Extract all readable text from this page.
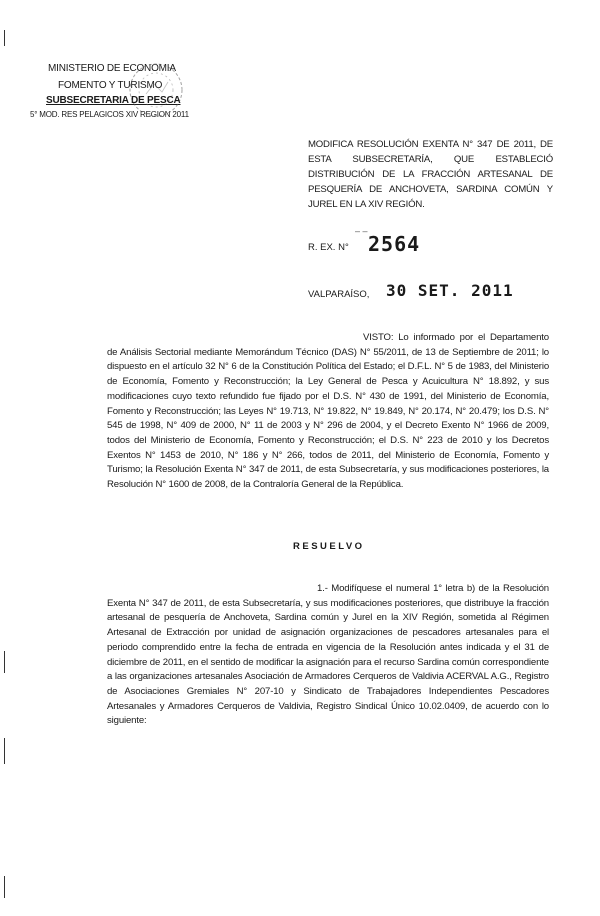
MINISTERIO DE ECONOMIA
FOMENTO Y TURISMO
SUBSECRETARIA DE PESCA
5° MOD. RES PELAGICOS XIV REGION 2011
MODIFICA RESOLUCIÓN EXENTA N° 347 DE 2011, DE ESTA SUBSECRETARÍA, QUE ESTABLECIÓ DISTRIBUCIÓN DE LA FRACCIÓN ARTESANAL DE PESQUERÍA DE ANCHOVETA, SARDINA COMÚN Y JUREL EN LA XIV REGIÓN.
– –
R. EX. N° 2564
VALPARAÍSO, 30 SET. 2011
VISTO: Lo informado por el Departamento de Análisis Sectorial mediante Memorándum Técnico (DAS) N° 55/2011, de 13 de Septiembre de 2011; lo dispuesto en el artículo 32 N° 6 de la Constitución Política del Estado; el D.F.L. N° 5 de 1983, del Ministerio de Economía, Fomento y Reconstrucción; la Ley General de Pesca y Acuicultura N° 18.892, y sus modificaciones cuyo texto refundido fue fijado por el D.S. N° 430 de 1991, del Ministerio de Economía, Fomento y Reconstrucción; las Leyes N° 19.713, N° 19.822, N° 19.849, N° 20.174, N° 20.479; los D.S. N° 545 de 1998, N° 409 de 2000, N° 11 de 2003 y N° 296 de 2004, y el Decreto Exento N° 1966 de 2009, todos del Ministerio de Economía, Fomento y Reconstrucción; el D.S. N° 223 de 2010 y los Decretos Exentos N° 1453 de 2010, N° 186 y N° 266, todos de 2011, del Ministerio de Economía, Fomento y Turismo; la Resolución Exenta N° 347 de 2011, de esta Subsecretaría, y sus modificaciones posteriores, la Resolución N° 1600 de 2008, de la Contraloría General de la República.
RESUELVO
1.- Modifíquese el numeral 1° letra b) de la Resolución Exenta N° 347 de 2011, de esta Subsecretaría, y sus modificaciones posteriores, que distribuye la fracción artesanal de pesquería de Anchoveta, Sardina común y Jurel en la XIV Región, sometida al Régimen Artesanal de Extracción por unidad de asignación organizaciones de pescadores artesanales para el periodo comprendido entre la fecha de entrada en vigencia de la Resolución antes indicada y el 31 de diciembre de 2011, en el sentido de modificar la asignación para el recurso Sardina común correspondiente a las organizaciones artesanales Asociación de Armadores Cerqueros de Valdivia ACERVAL A.G., Registro de Asociaciones Gremiales N° 207-10 y Sindicato de Trabajadores Independientes Pescadores Artesanales y Armadores Cerqueros de Valdivia, Registro Sindical Único 10.02.0409, de acuerdo con lo siguiente:
